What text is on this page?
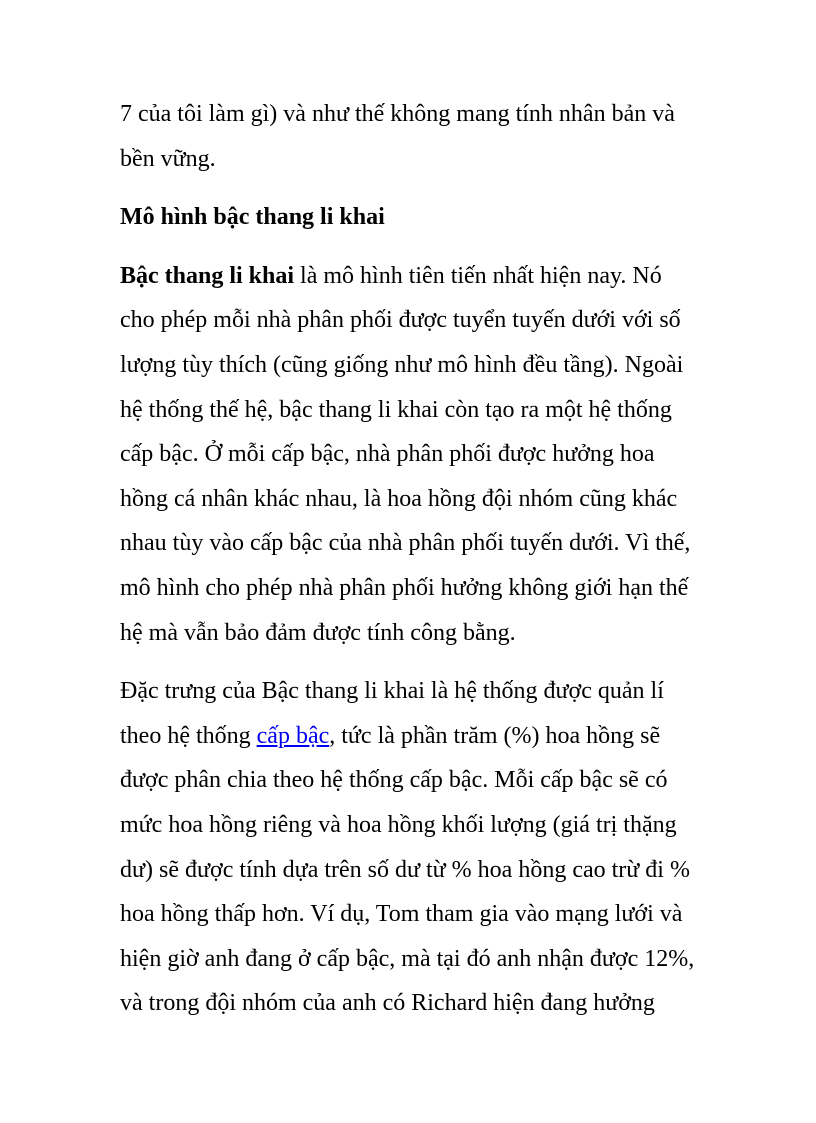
7 của tôi làm gì) và như thế không mang tính nhân bản và

bền vững.

Mô hình bậc thang li khai

Bậc thang li khai là mô hình tiên tiến nhất hiện nay. Nó

cho phép mỗi nhà phân phối được tuyển tuyến dưới với số

lượng tùy thích (cũng giống như mô hình đều tầng). Ngoài

hệ thống thế hệ, bậc thang li khai còn tạo ra một hệ thống

cấp bậc. Ở mỗi cấp bậc, nhà phân phối được hưởng hoa

hồng cá nhân khác nhau, là hoa hồng đội nhóm cũng khác

nhau tùy vào cấp bậc của nhà phân phối tuyến dưới. Vì thế,

mô hình cho phép nhà phân phối hưởng không giới hạn thế

hệ mà vẫn bảo đảm được tính công bằng.

Đặc trưng của Bậc thang li khai là hệ thống được quản lí

theo hệ thống cấp bậc, tức là phần trăm (%) hoa hồng sẽ

được phân chia theo hệ thống cấp bậc. Mỗi cấp bậc sẽ có

mức hoa hồng riêng và hoa hồng khối lượng (giá trị thặng

dư) sẽ được tính dựa trên số dư từ % hoa hồng cao trừ đi %

hoa hồng thấp hơn. Ví dụ, Tom tham gia vào mạng lưới và

hiện giờ anh đang ở cấp bậc, mà tại đó anh nhận được 12%,

và trong đội nhóm của anh có Richard hiện đang hưởng
